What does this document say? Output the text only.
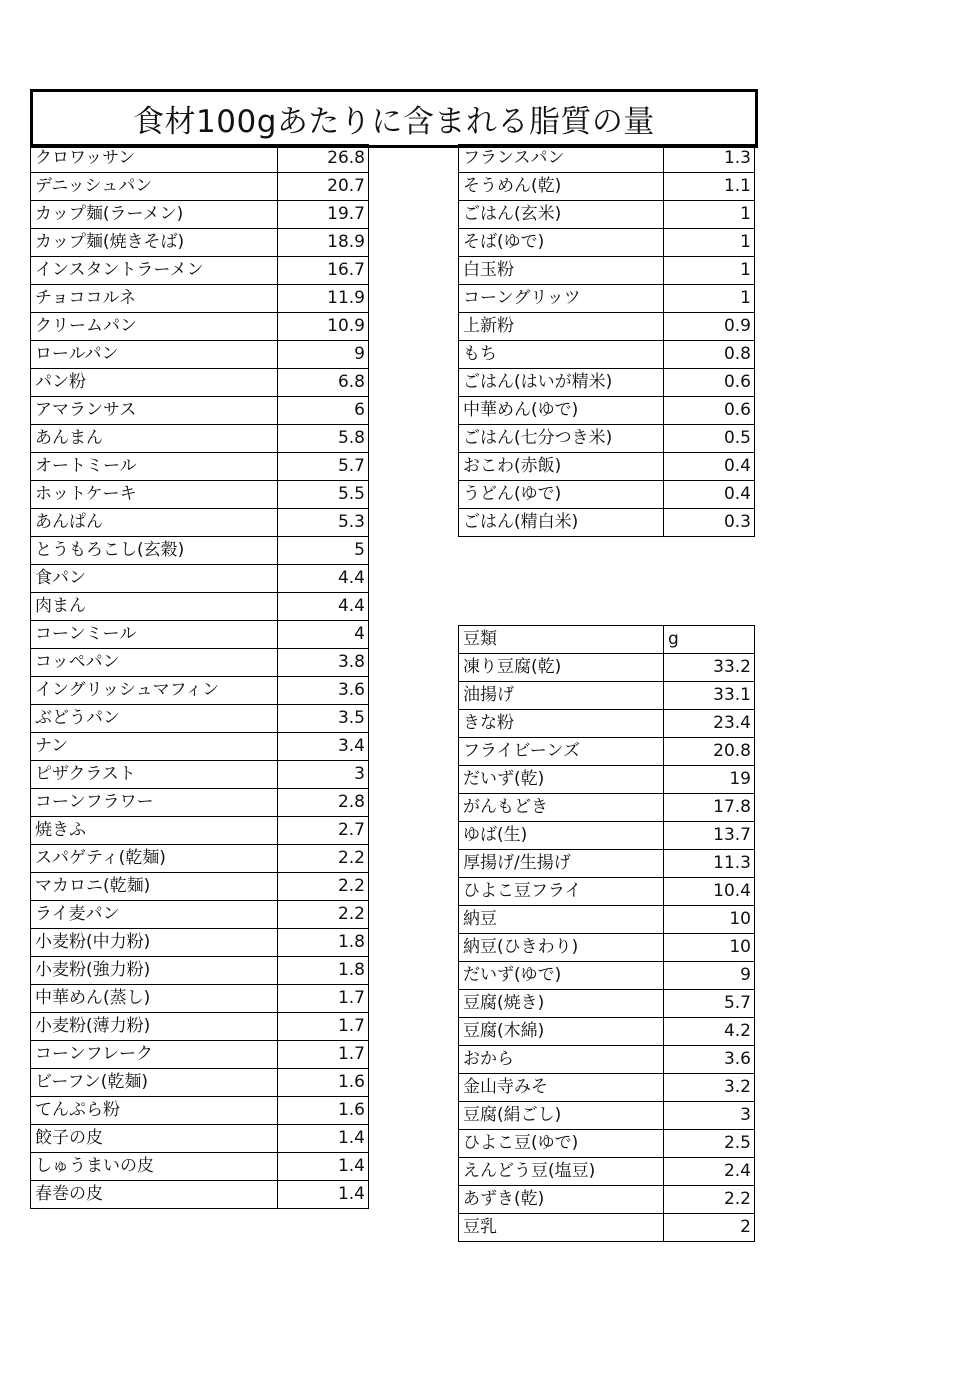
食材100gあたりに含まれる脂質の量
クロワッサン	26.8
デニッシュパン	20.7
カップ麺(ラーメン)	19.7
カップ麺(焼きそば)	18.9
インスタントラーメン	16.7
チョココルネ	11.9
クリームパン	10.9
ロールパン	9
パン粉	6.8
アマランサス	6
あんまん	5.8
オートミール	5.7
ホットケーキ	5.5
あんぱん	5.3
とうもろこし(玄穀)	5
食パン	4.4
肉まん	4.4
コーンミール	4
コッペパン	3.8
イングリッシュマフィン	3.6
ぶどうパン	3.5
ナン	3.4
ピザクラスト	3
コーンフラワー	2.8
焼きふ	2.7
スパゲティ(乾麺)	2.2
マカロニ(乾麺)	2.2
ライ麦パン	2.2
小麦粉(中力粉)	1.8
小麦粉(強力粉)	1.8
中華めん(蒸し)	1.7
小麦粉(薄力粉)	1.7
コーンフレーク	1.7
ビーフン(乾麺)	1.6
てんぷら粉	1.6
餃子の皮	1.4
しゅうまいの皮	1.4
春巻の皮	1.4
フランスパン	1.3
そうめん(乾)	1.1
ごはん(玄米)	1
そば(ゆで)	1
白玉粉	1
コーングリッツ	1
上新粉	0.9
もち	0.8
ごはん(はいが精米)	0.6
中華めん(ゆで)	0.6
ごはん(七分つき米)	0.5
おこわ(赤飯)	0.4
うどん(ゆで)	0.4
ごはん(精白米)	0.3
豆類	g
凍り豆腐(乾)	33.2
油揚げ	33.1
きな粉	23.4
フライビーンズ	20.8
だいず(乾)	19
がんもどき	17.8
ゆば(生)	13.7
厚揚げ/生揚げ	11.3
ひよこ豆フライ	10.4
納豆	10
納豆(ひきわり)	10
だいず(ゆで)	9
豆腐(焼き)	5.7
豆腐(木綿)	4.2
おから	3.6
金山寺みそ	3.2
豆腐(絹ごし)	3
ひよこ豆(ゆで)	2.5
えんどう豆(塩豆)	2.4
あずき(乾)	2.2
豆乳	2
